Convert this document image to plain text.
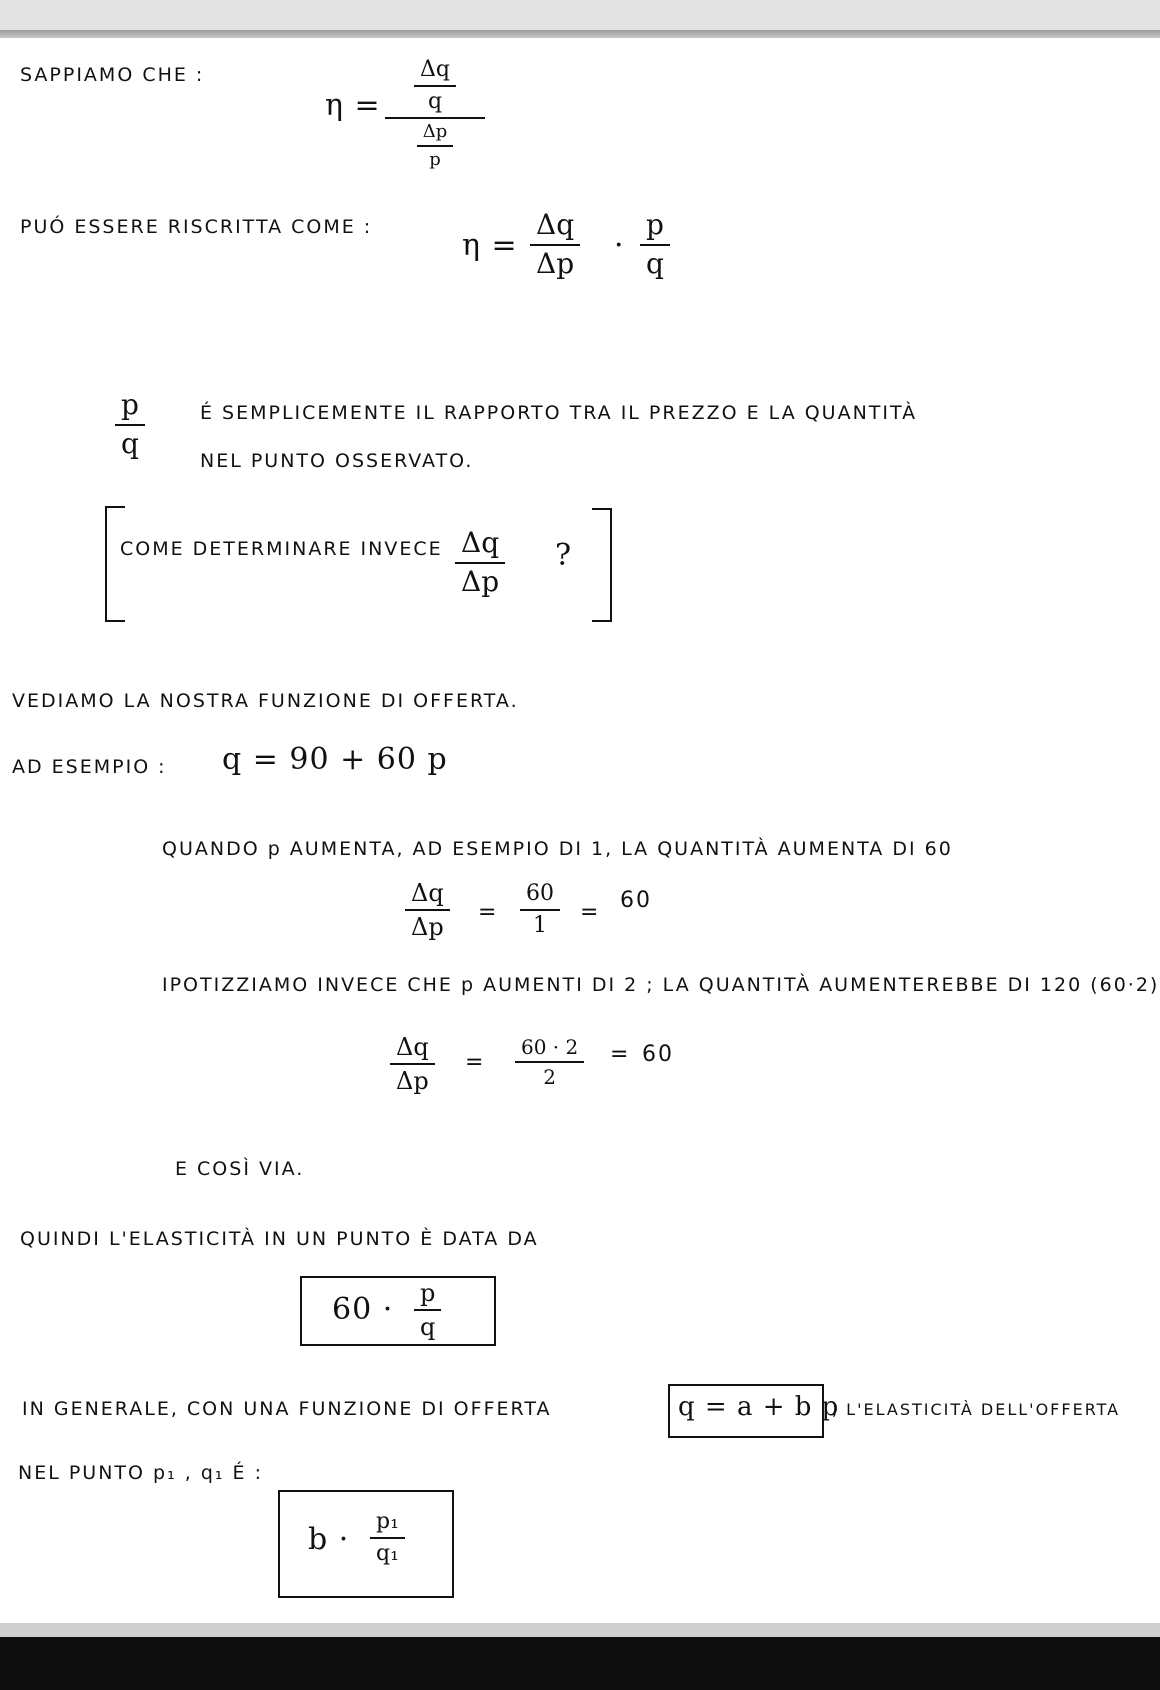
SAPPIAMO CHE :
$\eta = \frac{\Delta q}{q}$
$\frac{\Delta p}{p}$
PUÓ ESSERE RISCRITTA COME :
η =
Δq
Δp
·
p
q
p
q
É SEMPLICEMENTE IL RAPPORTO TRA IL PREZZO E LA QUANTITÀ
NEL PUNTO OSSERVATO.
COME DETERMINARE INVECE Δq
Δp
?
VEDIAMO LA NOSTRA FUNZIONE DI OFFERTA.
AD ESEMPIO : q = 90 + 60 p
QUANDO p AUMENTA, AD ESEMPIO DI 1, LA QUANTITÀ AUMENTA DI 60
Δq
Δp
=
60
1
= 60
IPOTIZZIAMO INVECE CHE p AUMENTI DI 2 ; LA QUANTITÀ AUMENTEREBBE DI 120 (60·2)
Δq
Δp
=
60 · 2
2
= 60
E COSÌ VIA.
QUINDI L'ELASTICITÀ IN UN PUNTO È DATA DA
60 · p
q
IN GENERALE, CON UNA FUNZIONE DI OFFERTA	q = a + b p
, L'ELASTICITÀ DELL'OFFERTA
NEL PUNTO p₁ , q₁ É :
b ·
p₁
q₁
